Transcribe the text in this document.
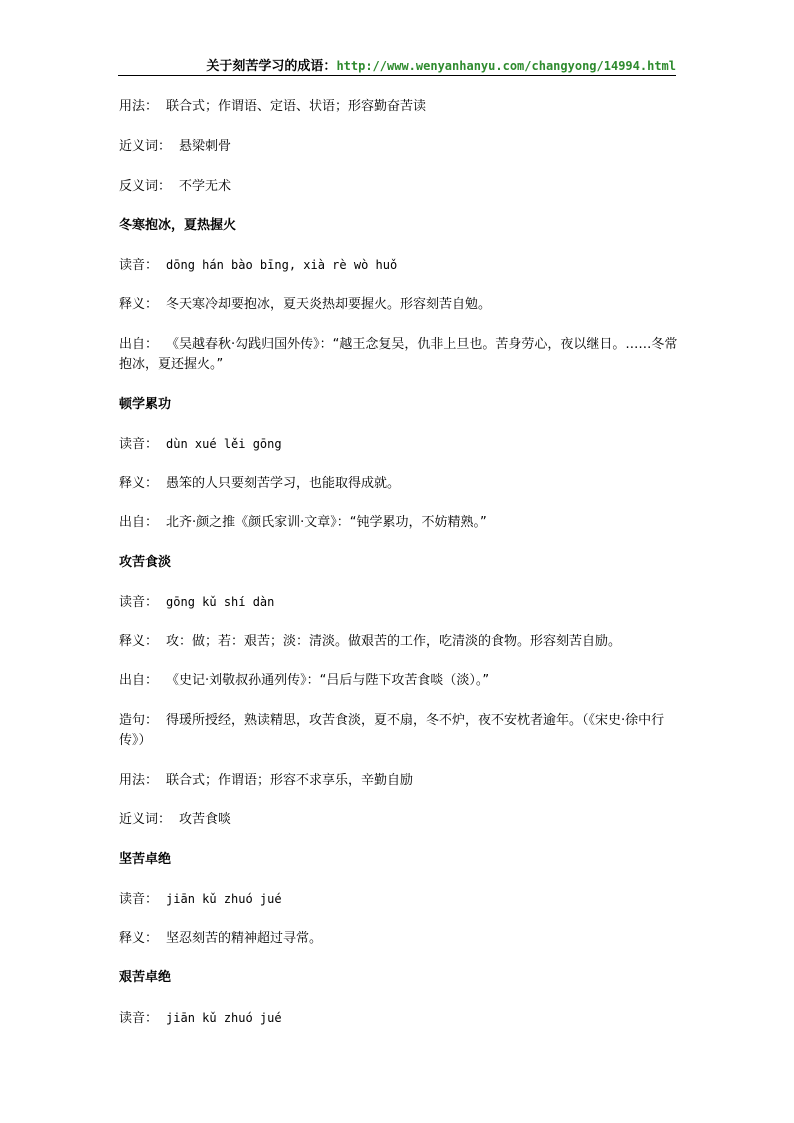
关于刻苦学习的成语：http://www.wenyanhanyu.com/changyong/14994.html
用法： 联合式；作谓语、定语、状语；形容勤奋苦读
近义词： 悬梁刺骨
反义词： 不学无术
冬寒抱冰，夏热握火
读音： dōng hán bào bīng, xià rè wò huǒ
释义： 冬天寒冷却要抱冰，夏天炎热却要握火。形容刻苦自勉。
出自： 《吴越春秋·勾践归国外传》：“越王念复吴，仇非上旦也。苦身劳心，夜以继日。……冬常抱冰，夏还握火。”
顿学累功
读音： dùn xué lěi gōng
释义： 愚笨的人只要刻苦学习，也能取得成就。
出自： 北齐·颜之推《颜氏家训·文章》：“钝学累功，不妨精熟。”
攻苦食淡
读音： gōng kǔ shí dàn
释义： 攻：做；若：艰苦；淡：清淡。做艰苦的工作，吃清淡的食物。形容刻苦自励。
出自： 《史记·刘敬叔孙通列传》：“吕后与陛下攻苦食啖（淡）。”
造句： 得瑗所授经，熟读精思，攻苦食淡，夏不扇，冬不炉，夜不安枕者逾年。（《宋史·徐中行传》）
用法： 联合式；作谓语；形容不求享乐，辛勤自励
近义词： 攻苦食啖
坚苦卓绝
读音： jiān kǔ zhuó jué
释义： 坚忍刻苦的精神超过寻常。
艰苦卓绝
读音： jiān kǔ zhuó jué
